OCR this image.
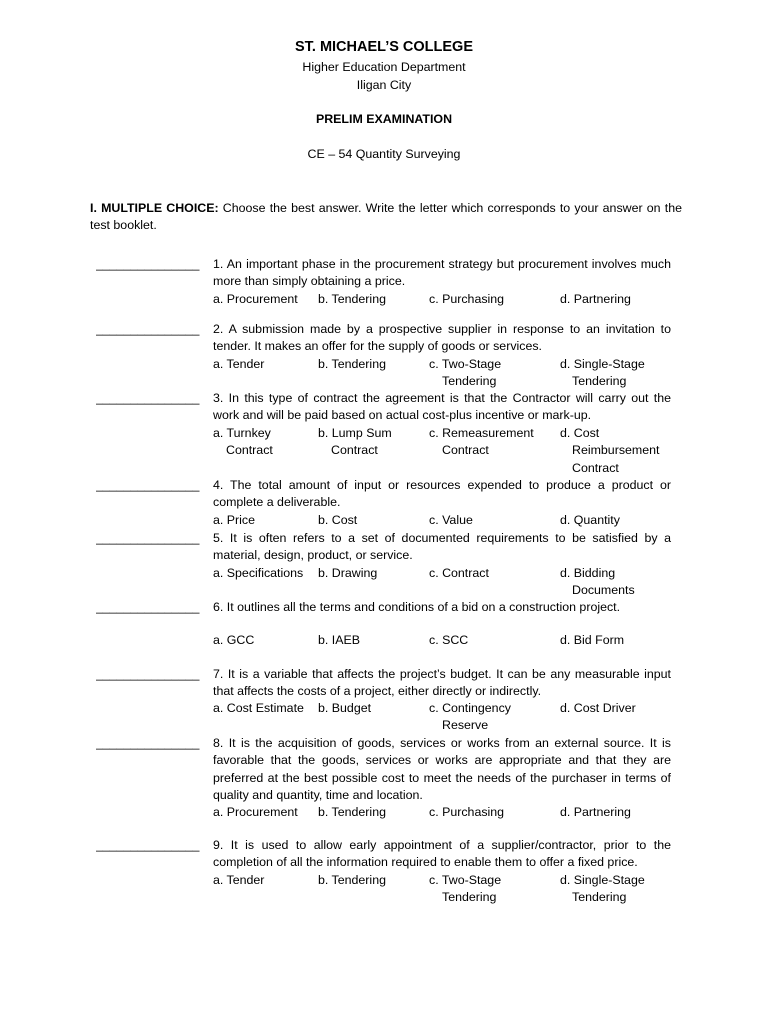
ST. MICHAEL’S COLLEGE
Higher Education Department
Iligan City
PRELIM EXAMINATION
CE – 54 Quantity Surveying
I. MULTIPLE CHOICE: Choose the best answer. Write the letter which corresponds to your answer on the test booklet.
_______________ 1. An important phase in the procurement strategy but procurement involves much more than simply obtaining a price.
a. Procurement	b. Tendering	c. Purchasing	d. Partnering
_______________ 2. A submission made by a prospective supplier in response to an invitation to tender. It makes an offer for the supply of goods or services.
a. Tender	b. Tendering	c. Two-Stage
Tendering
d. Single-Stage
Tendering
_______________ 3. In this type of contract the agreement is that the Contractor will carry out the work and will be paid based on actual cost-plus incentive or mark-up.
a. Turnkey
Contract
b. Lump Sum
Contract
c. Remeasurement
Contract
d. Cost
Reimbursement
Contract
_______________ 4. The total amount of input or resources expended to produce a product or complete a deliverable.
a. Price	b. Cost	c. Value	d. Quantity
_______________ 5. It is often refers to a set of documented requirements to be satisfied by a material, design, product, or service.
a. Specifications	b. Drawing	c. Contract	d. Bidding
Documents
_______________ 6. It outlines all the terms and conditions of a bid on a construction project.
a. GCC	b. IAEB	c. SCC	d. Bid Form
_______________ 7. It is a variable that affects the project’s budget. It can be any measurable input that affects the costs of a project, either directly or indirectly.
a. Cost Estimate	b. Budget	c. Contingency
Reserve
d. Cost Driver
_______________ 8. It is the acquisition of goods, services or works from an external source. It is favorable that the goods, services or works are appropriate and that they are preferred at the best possible cost to meet the needs of the purchaser in terms of quality and quantity, time and location.
a. Procurement	b. Tendering	c. Purchasing	d. Partnering
_______________ 9. It is used to allow early appointment of a supplier/contractor, prior to the completion of all the information required to enable them to offer a fixed price.
a. Tender	b. Tendering	c. Two-Stage
Tendering
d. Single-Stage
Tendering
